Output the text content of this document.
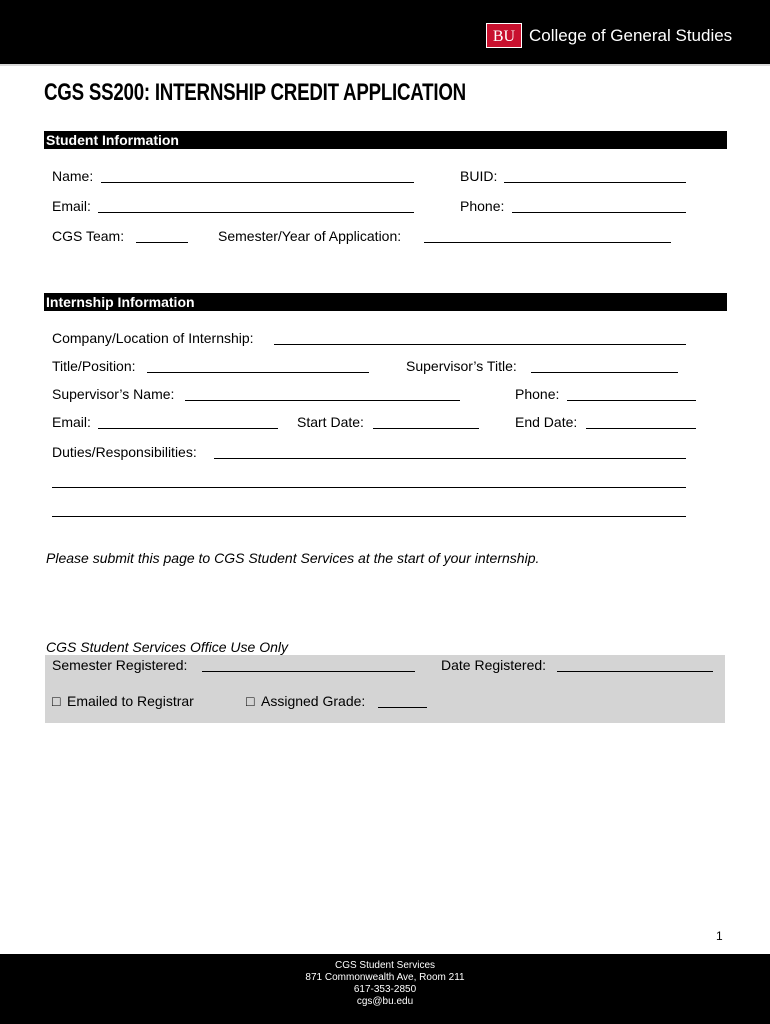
BU College of General Studies
CGS SS200: INTERNSHIP CREDIT APPLICATION
Student Information
Name:	BUID:
Email:	Phone:
CGS Team:	Semester/Year of Application:
Internship Information
Company/Location of Internship:
Title/Position:	Supervisor’s Title:
Supervisor’s Name:	Phone:
Email:	Start Date:	End Date:
Duties/Responsibilities:
Please submit this page to CGS Student Services at the start of your internship.
CGS Student Services Office Use Only
Semester Registered:	Date Registered:
□ Emailed to Registrar	□ Assigned Grade:
1
CGS Student Services
871 Commonwealth Ave, Room 211
617-353-2850
cgs@bu.edu
